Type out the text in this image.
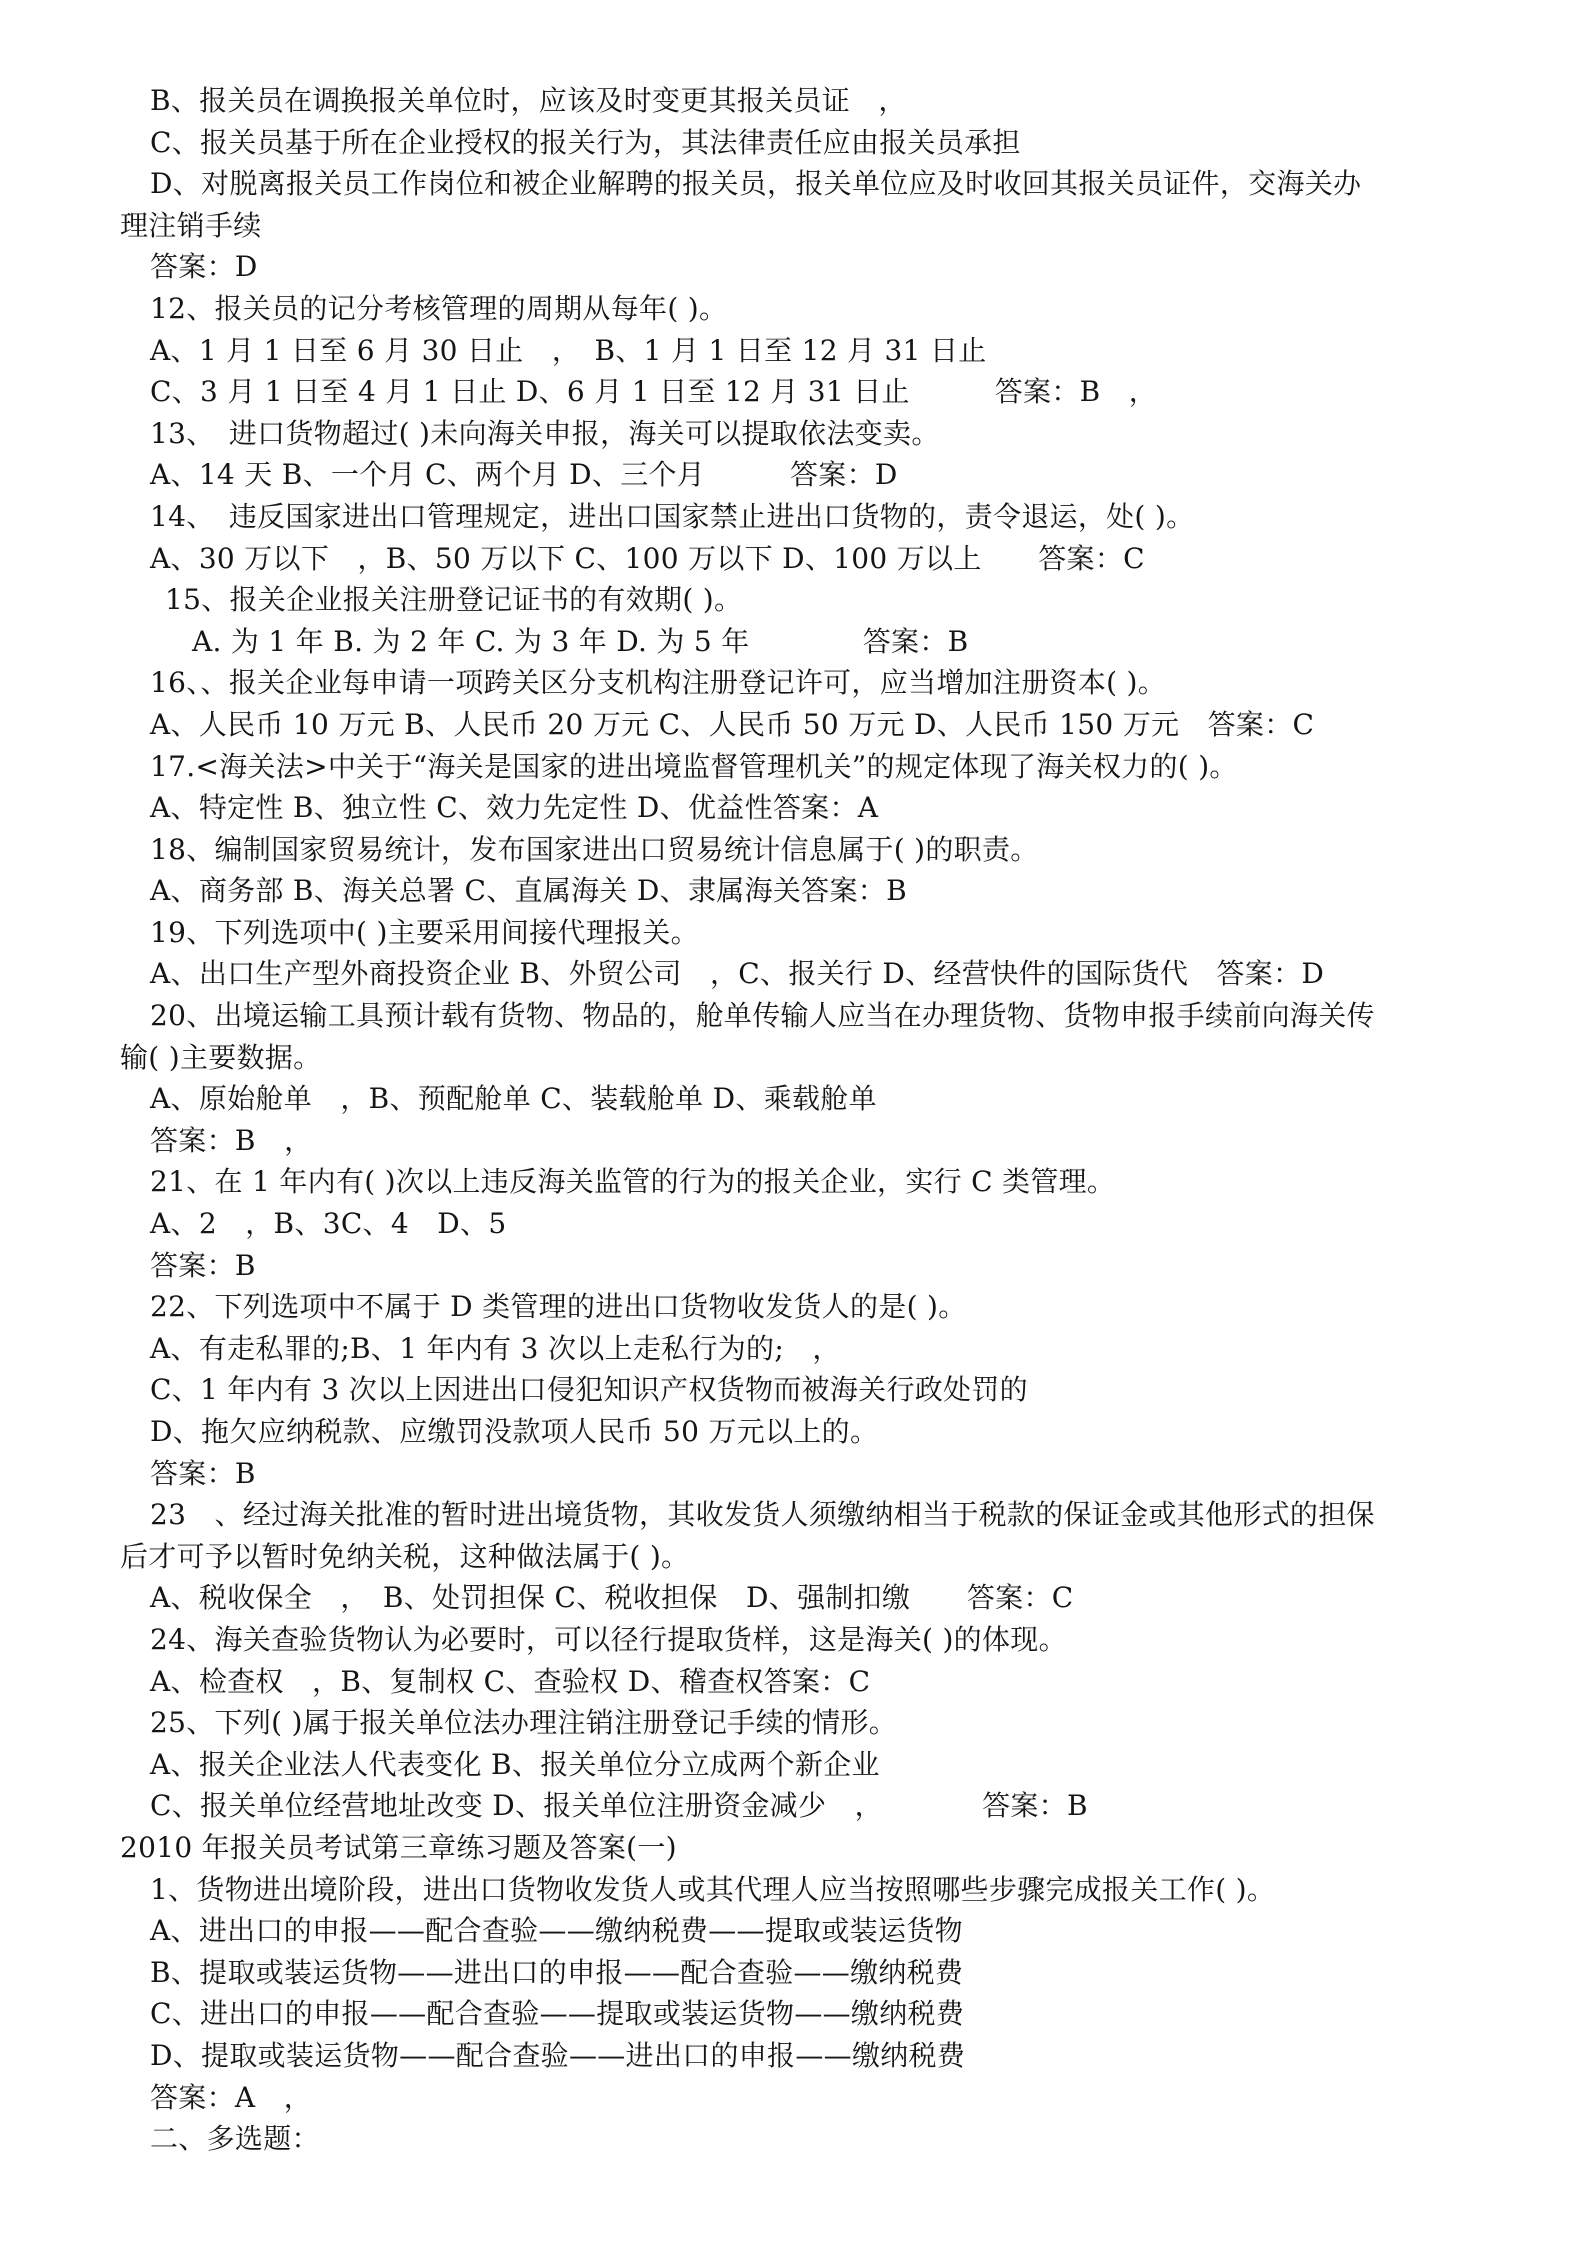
B、报关员在调换报关单位时，应该及时变更其报关员证　，

C、报关员基于所在企业授权的报关行为，其法律责任应由报关员承担

D、对脱离报关员工作岗位和被企业解聘的报关员，报关单位应及时收回其报关员证件，交海关办

理注销手续

答案：D

12、报关员的记分考核管理的周期从每年( )。

A、1 月 1 日至 6 月 30 日止　，　B、1 月 1 日至 12 月 31 日止

C、3 月 1 日至 4 月 1 日止 D、6 月 1 日至 12 月 31 日止　　　答案：B　，

13、　进口货物超过( )未向海关申报，海关可以提取依法变卖。

A、14 天 B、一个月 C、两个月 D、三个月　　　答案：D

14、　违反国家进出口管理规定，进出口国家禁止进出口货物的，责令退运，处( )。

A、30 万以下　，B、50 万以下 C、100 万以下 D、100 万以上　　答案：C

15、报关企业报关注册登记证书的有效期( )。

A. 为 1 年 B. 为 2 年 C. 为 3 年 D. 为 5 年　　　　答案：B

16、、报关企业每申请一项跨关区分支机构注册登记许可，应当增加注册资本( )。

A、人民币 10 万元 B、人民币 20 万元 C、人民币 50 万元 D、人民币 150 万元　答案：C

17.<海关法>中关于“海关是国家的进出境监督管理机关”的规定体现了海关权力的( )。

A、特定性 B、独立性 C、效力先定性 D、优益性答案：A

18、编制国家贸易统计，发布国家进出口贸易统计信息属于( )的职责。

A、商务部 B、海关总署 C、直属海关 D、隶属海关答案：B

19、下列选项中( )主要采用间接代理报关。

A、出口生产型外商投资企业 B、外贸公司　，C、报关行 D、经营快件的国际货代　答案：D

20、出境运输工具预计载有货物、物品的，舱单传输人应当在办理货物、货物申报手续前向海关传

输( )主要数据。

A、原始舱单　，B、预配舱单 C、装载舱单 D、乘载舱单

答案：B　，

21、在 1 年内有( )次以上违反海关监管的行为的报关企业，实行 C 类管理。

A、2　，B、3C、4　D、5

答案：B

22、下列选项中不属于 D 类管理的进出口货物收发货人的是( )。

A、有走私罪的;B、1 年内有 3 次以上走私行为的;　，

C、1 年内有 3 次以上因进出口侵犯知识产权货物而被海关行政处罚的

D、拖欠应纳税款、应缴罚没款项人民币 50 万元以上的。

答案：B

23　、经过海关批准的暂时进出境货物，其收发货人须缴纳相当于税款的保证金或其他形式的担保

后才可予以暂时免纳关税，这种做法属于( )。

A、税收保全　，　B、处罚担保 C、税收担保　D、强制扣缴　　答案：C

24、海关查验货物认为必要时，可以径行提取货样，这是海关( )的体现。

A、检查权　，B、复制权 C、查验权 D、稽查权答案：C

25、下列( )属于报关单位法办理注销注册登记手续的情形。

A、报关企业法人代表变化 B、报关单位分立成两个新企业

C、报关单位经营地址改变 D、报关单位注册资金减少　，　　　　答案：B

2010 年报关员考试第三章练习题及答案(一)

1、货物进出境阶段，进出口货物收发货人或其代理人应当按照哪些步骤完成报关工作( )。

A、进出口的申报——配合查验——缴纳税费——提取或装运货物

B、提取或装运货物——进出口的申报——配合查验——缴纳税费

C、进出口的申报——配合查验——提取或装运货物——缴纳税费

D、提取或装运货物——配合查验——进出口的申报——缴纳税费

答案：A　，

二、多选题：
